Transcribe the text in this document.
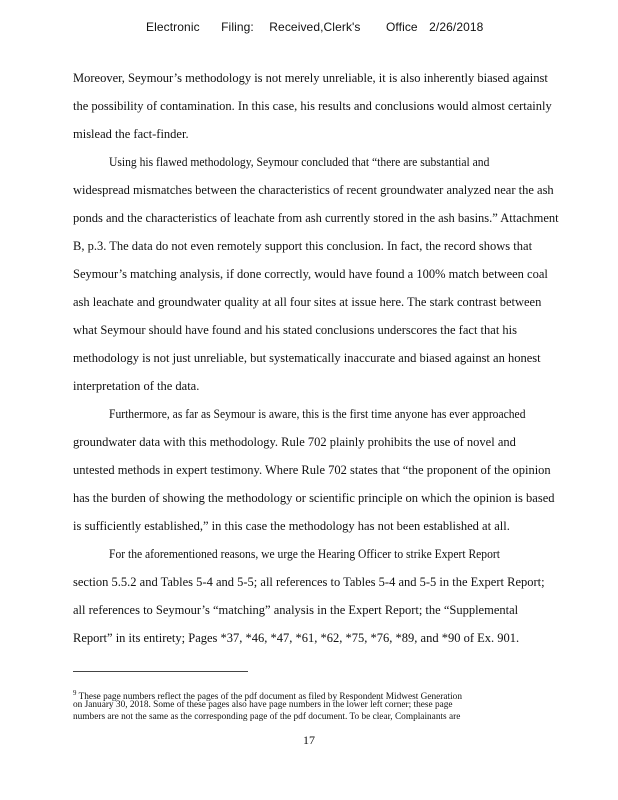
Electronic Filing: Received,Clerk's Office 2/26/2018
Moreover, Seymour’s methodology is not merely unreliable, it is also inherently biased against
the possibility of contamination. In this case, his results and conclusions would almost certainly
mislead the fact-finder.
Using his flawed methodology, Seymour concluded that “there are substantial and
widespread mismatches between the characteristics of recent groundwater analyzed near the ash
ponds and the characteristics of leachate from ash currently stored in the ash basins.” Attachment
B, p.3. The data do not even remotely support this conclusion. In fact, the record shows that
Seymour’s matching analysis, if done correctly, would have found a 100% match between coal
ash leachate and groundwater quality at all four sites at issue here. The stark contrast between
what Seymour should have found and his stated conclusions underscores the fact that his
methodology is not just unreliable, but systematically inaccurate and biased against an honest
interpretation of the data.
Furthermore, as far as Seymour is aware, this is the first time anyone has ever approached
groundwater data with this methodology. Rule 702 plainly prohibits the use of novel and
untested methods in expert testimony. Where Rule 702 states that “the proponent of the opinion
has the burden of showing the methodology or scientific principle on which the opinion is based
is sufficiently established,” in this case the methodology has not been established at all.
For the aforementioned reasons, we urge the Hearing Officer to strike Expert Report
section 5.5.2 and Tables 5-4 and 5-5; all references to Tables 5-4 and 5-5 in the Expert Report;
all references to Seymour’s “matching” analysis in the Expert Report; the “Supplemental
Report” in its entirety; Pages *37, *46, *47, *61, *62, *75, *76, *89, and *90 of Ex. 901.
$^9$ These page numbers reflect the pages of the pdf document as filed by Respondent Midwest Generation
on January 30, 2018. Some of these pages also have page numbers in the lower left corner; these page
numbers are not the same as the corresponding page of the pdf document. To be clear, Complainants are
17
